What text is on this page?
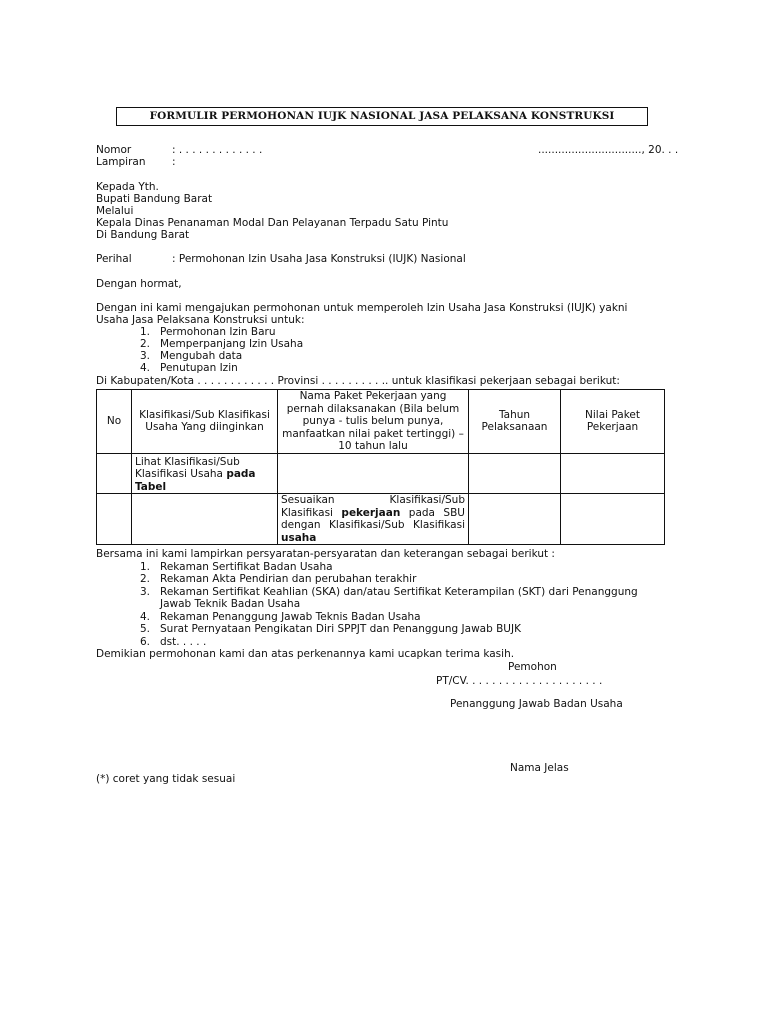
FORMULIR PERMOHONAN IUJK NASIONAL JASA PELAKSANA KONSTRUKSI
Nomor	: . . . . . . . . . . . . .
Lampiran	:
..............................., 20. . .
Kepada Yth.
Bupati Bandung Barat
Melalui
Kepala Dinas Penanaman Modal Dan Pelayanan Terpadu Satu Pintu
Di Bandung Barat
Perihal	: Permohonan Izin Usaha Jasa Konstruksi (IUJK) Nasional
Dengan hormat,
Dengan ini kami mengajukan permohonan untuk memperoleh Izin Usaha Jasa Konstruksi (IUJK) yakni
Usaha Jasa Pelaksana Konstruksi untuk:
1. Permohonan Izin Baru
2. Memperpanjang Izin Usaha
3. Mengubah data
4. Penutupan Izin
Di Kabupaten/Kota . . . . . . . . . . . . Provinsi . . . . . . . . . .. untuk klasifikasi pekerjaan sebagai berikut:
No	Klasifikasi/Sub Klasifikasi Usaha Yang diinginkan	Nama Paket Pekerjaan yang pernah dilaksanakan (Bila belum punya - tulis belum punya, manfaatkan nilai paket tertinggi) – 10 tahun lalu	Tahun Pelaksanaan	Nilai Paket Pekerjaan
	Lihat Klasifikasi/Sub Klasifikasi Usaha pada Tabel			
		Sesuaikan Klasifikasi/Sub Klasifikasi pekerjaan pada SBU dengan Klasifikasi/Sub Klasifikasi usaha		
Bersama ini kami lampirkan persyaratan-persyaratan dan keterangan sebagai berikut :
1. Rekaman Sertifikat Badan Usaha
2. Rekaman Akta Pendirian dan perubahan terakhir
3. Rekaman Sertifikat Keahlian (SKA) dan/atau Sertifikat Keterampilan (SKT) dari Penanggung
Jawab Teknik Badan Usaha
4. Rekaman Penanggung Jawab Teknis Badan Usaha
5. Surat Pernyataan Pengikatan Diri SPPJT dan Penanggung Jawab BUJK
6. dst. . . . .
Demikian permohonan kami dan atas perkenannya kami ucapkan terima kasih.
Pemohon
PT/CV. . . . . . . . . . . . . . . . . . . . .
Penanggung Jawab Badan Usaha
Nama Jelas
(*) coret yang tidak sesuai
